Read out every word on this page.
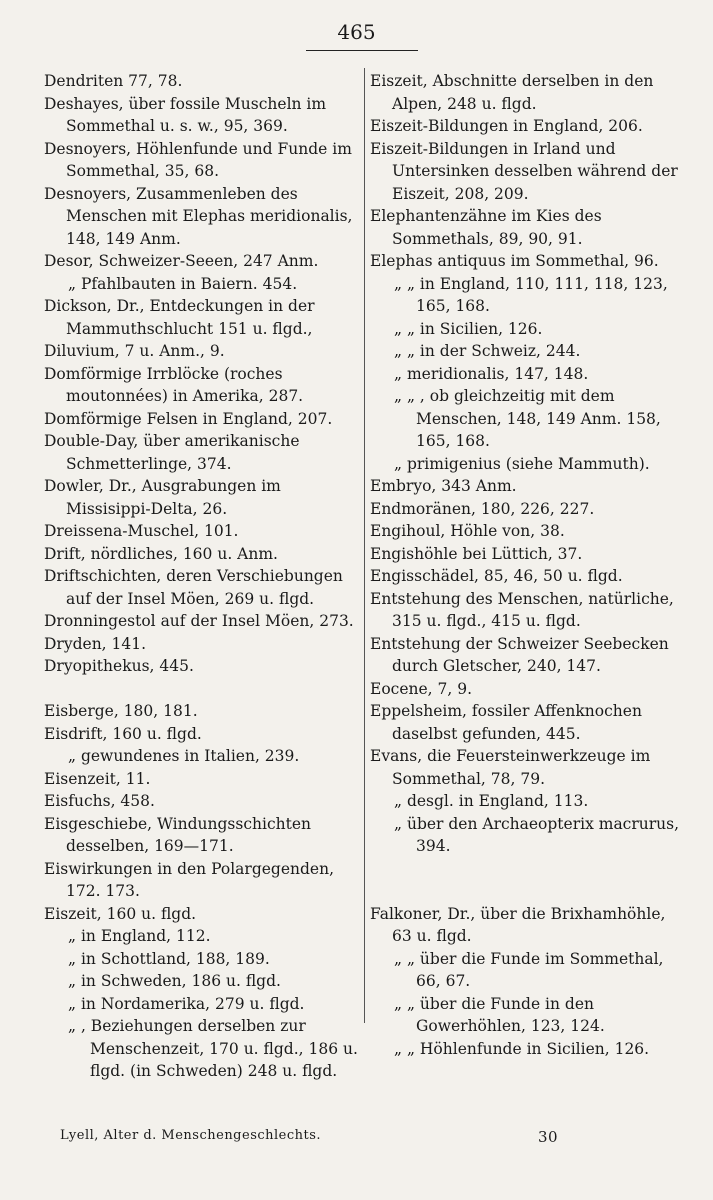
465
Dendriten 77, 78.
Deshayes, über fossile Muscheln im Sommethal u. s. w., 95, 369.
Desnoyers, Höhlenfunde und Funde im Sommethal, 35, 68.
Desnoyers, Zusammenleben des Menschen mit Elephas meridionalis, 148, 149 Anm.
Desor, Schweizer-Seeen, 247 Anm.
„ Pfahlbauten in Baiern. 454.
Dickson, Dr., Entdeckungen in der Mammuthschlucht 151 u. flgd.,
Diluvium, 7 u. Anm., 9.
Domförmige Irrblöcke (roches moutonnées) in Amerika, 287.
Domförmige Felsen in England, 207.
Double-Day, über amerikanische Schmetterlinge, 374.
Dowler, Dr., Ausgrabungen im Missisippi-Delta, 26.
Dreissena-Muschel, 101.
Drift, nördliches, 160 u. Anm.
Driftschichten, deren Verschiebungen auf der Insel Möen, 269 u. flgd.
Dronningestol auf der Insel Möen, 273.
Dryden, 141.
Dryopithekus, 445.
Eisberge, 180, 181.
Eisdrift, 160 u. flgd.
„ gewundenes in Italien, 239.
Eisenzeit, 11.
Eisfuchs, 458.
Eisgeschiebe, Windungsschichten desselben, 169—171.
Eiswirkungen in den Polargegenden, 172. 173.
Eiszeit, 160 u. flgd.
„ in England, 112.
„ in Schottland, 188, 189.
„ in Schweden, 186 u. flgd.
„ in Nordamerika, 279 u. flgd.
„ , Beziehungen derselben zur Menschenzeit, 170 u. flgd., 186 u. flgd. (in Schweden) 248 u. flgd.
Eiszeit, Abschnitte derselben in den Alpen, 248 u. flgd.
Eiszeit-Bildungen in England, 206.
Eiszeit-Bildungen in Irland und Untersinken desselben während der Eiszeit, 208, 209.
Elephantenzähne im Kies des Sommethals, 89, 90, 91.
Elephas antiquus im Sommethal, 96.
„ „ in England, 110, 111, 118, 123, 165, 168.
„ „ in Sicilien, 126.
„ „ in der Schweiz, 244.
„ meridionalis, 147, 148.
„ „ , ob gleichzeitig mit dem Menschen, 148, 149 Anm. 158, 165, 168.
„ primigenius (siehe Mammuth).
Embryo, 343 Anm.
Endmoränen, 180, 226, 227.
Engihoul, Höhle von, 38.
Engishöhle bei Lüttich, 37.
Engisschädel, 85, 46, 50 u. flgd.
Entstehung des Menschen, natürliche, 315 u. flgd., 415 u. flgd.
Entstehung der Schweizer Seebecken durch Gletscher, 240, 147.
Eocene, 7, 9.
Eppelsheim, fossiler Affenknochen daselbst gefunden, 445.
Evans, die Feuersteinwerkzeuge im Sommethal, 78, 79.
„ desgl. in England, 113.
„ über den Archaeopterix macrurus, 394.
Falkoner, Dr., über die Brixhamhöhle, 63 u. flgd.
„ „ über die Funde im Sommethal, 66, 67.
„ „ über die Funde in den Gowerhöhlen, 123, 124.
„ „ Höhlenfunde in Sicilien, 126.
Lyell, Alter d. Menschengeschlechts.	30
